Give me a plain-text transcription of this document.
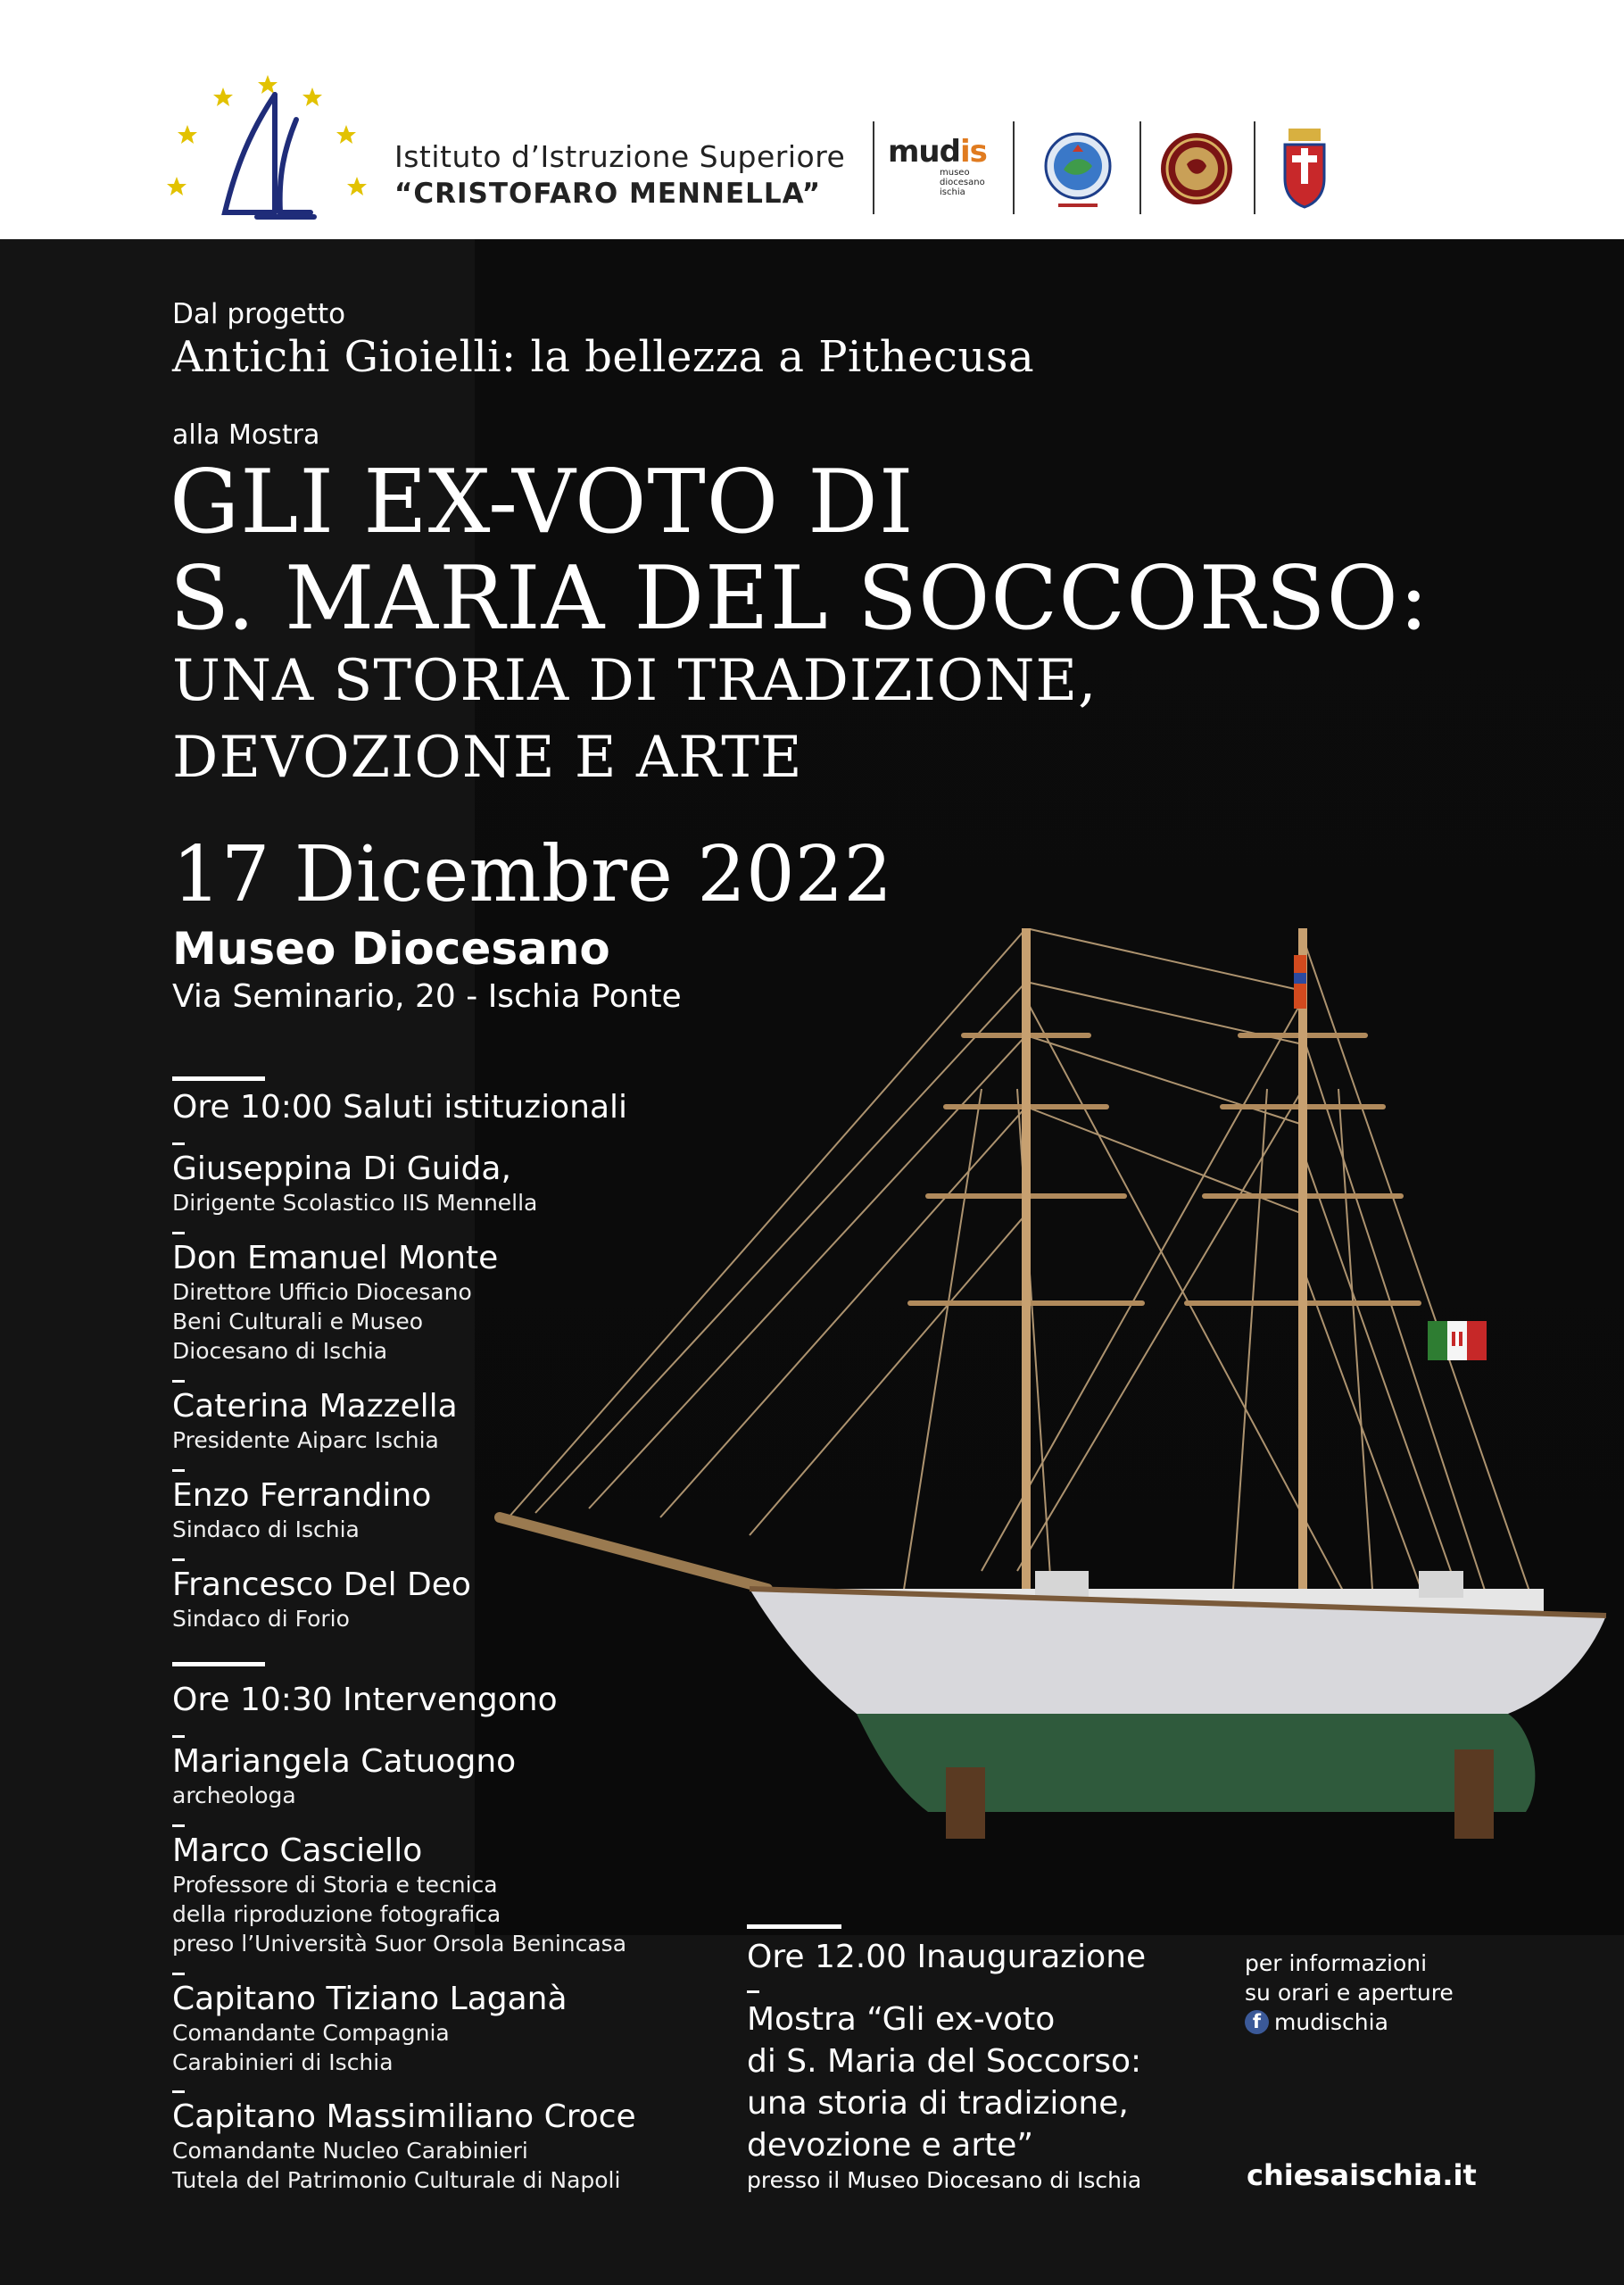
Istituto d’Istruzione Superiore
“CRISTOFARO MENNELLA”
mudis
museo
diocesano
ischia
Dal progetto
Antichi Gioielli: la bellezza a Pithecusa
alla Mostra
GLI EX-VOTO DI
S. MARIA DEL SOCCORSO:
UNA STORIA DI TRADIZIONE,
DEVOZIONE E ARTE
17 Dicembre 2022
Museo Diocesano
Via Seminario, 20 - Ischia Ponte
Ore 10:00 Saluti istituzionali
Giuseppina Di Guida,
Dirigente Scolastico IIS Mennella
Don Emanuel Monte
Direttore Ufficio Diocesano
Beni Culturali e Museo
Diocesano di Ischia
Caterina Mazzella
Presidente Aiparc Ischia
Enzo Ferrandino
Sindaco di Ischia
Francesco Del Deo
Sindaco di Forio
Ore 10:30 Intervengono
Mariangela Catuogno
archeologa
Marco Casciello
Professore di Storia e tecnica
della riproduzione fotografica
preso l’Università Suor Orsola Benincasa
Capitano Tiziano Laganà
Comandante Compagnia
Carabinieri di Ischia
Capitano Massimiliano Croce
Comandante Nucleo Carabinieri
Tutela del Patrimonio Culturale di Napoli
Ore 12.00 Inaugurazione
Mostra “Gli ex-voto
di S. Maria del Soccorso:
una storia di tradizione,
devozione e arte”
presso il Museo Diocesano di Ischia
per informazioni
su orari e aperture
f mudischia
chiesaischia.it
